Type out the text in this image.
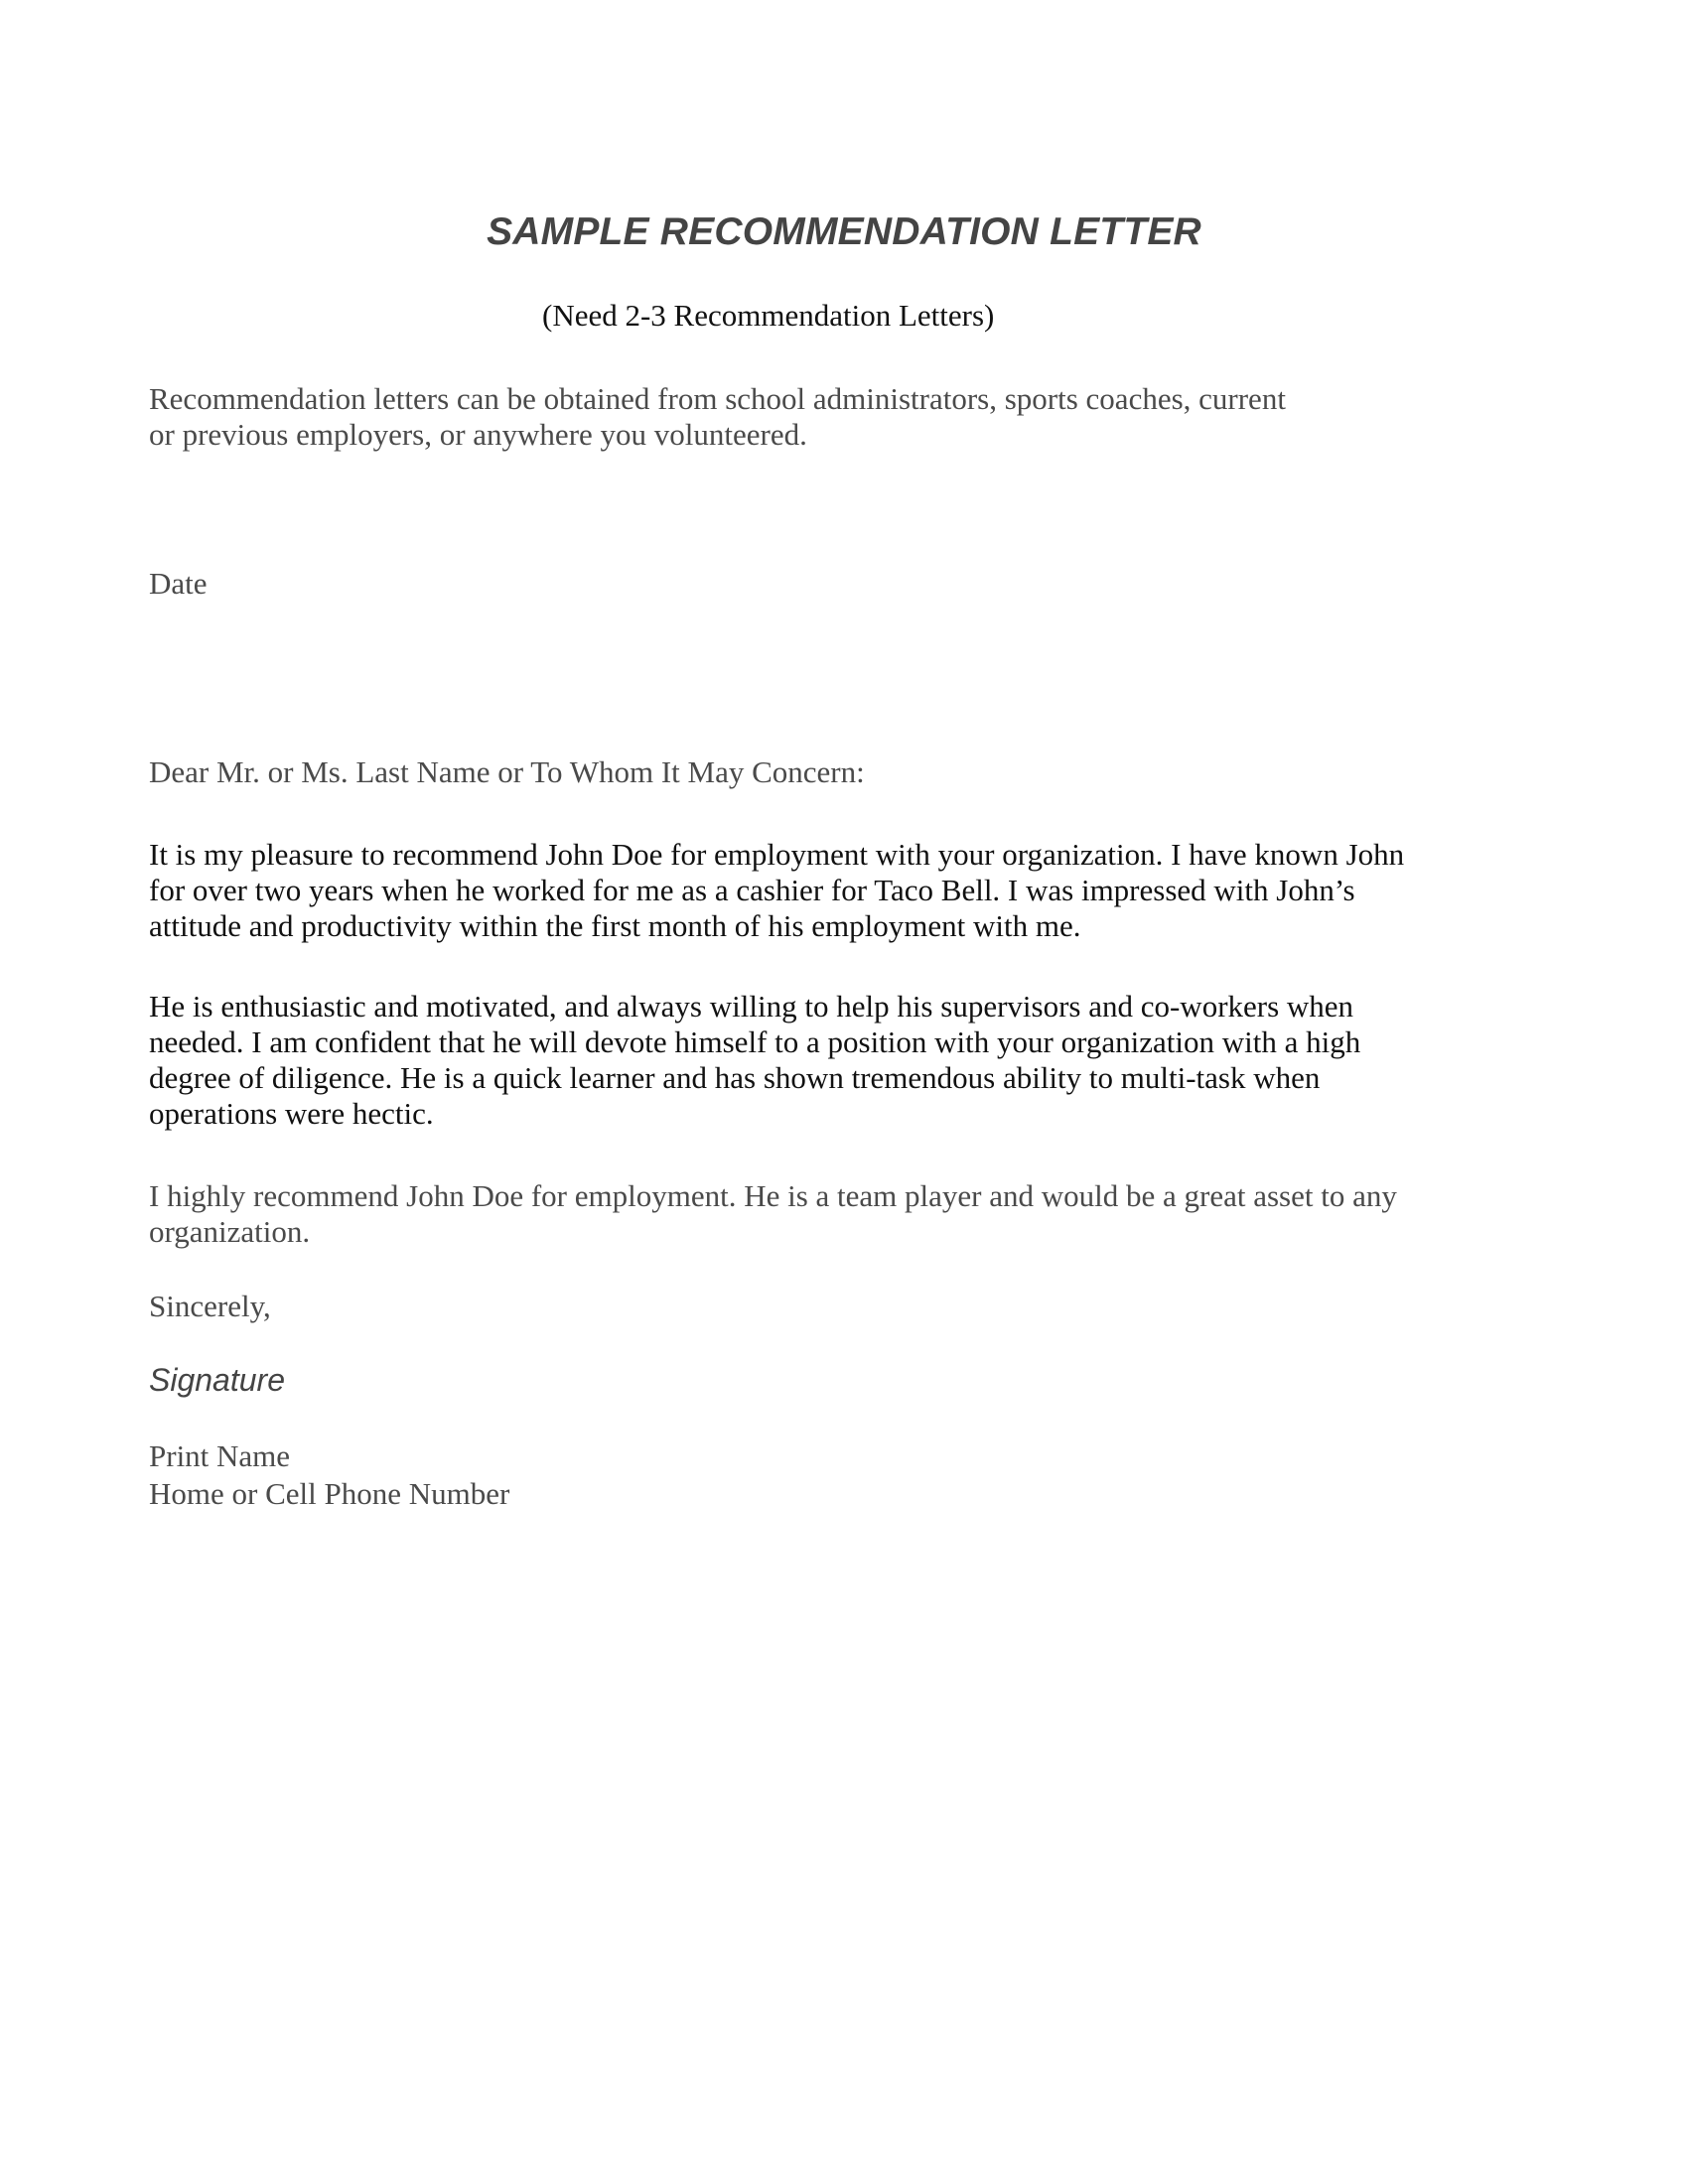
SAMPLE RECOMMENDATION LETTER
(Need 2-3 Recommendation Letters)
Recommendation letters can be obtained from school administrators, sports coaches, current
or previous employers, or anywhere you volunteered.
Date
Dear Mr. or Ms. Last Name or To Whom It May Concern:
It is my pleasure to recommend John Doe for employment with your organization. I have known John
for over two years when he worked for me as a cashier for Taco Bell. I was impressed with John’s
attitude and productivity within the first month of his employment with me.
He is enthusiastic and motivated, and always willing to help his supervisors and co-workers when
needed. I am confident that he will devote himself to a position with your organization with a high
degree of diligence. He is a quick learner and has shown tremendous ability to multi-task when
operations were hectic.
I highly recommend John Doe for employment. He is a team player and would be a great asset to any
organization.
Sincerely,
Signature
Print Name
Home or Cell Phone Number
